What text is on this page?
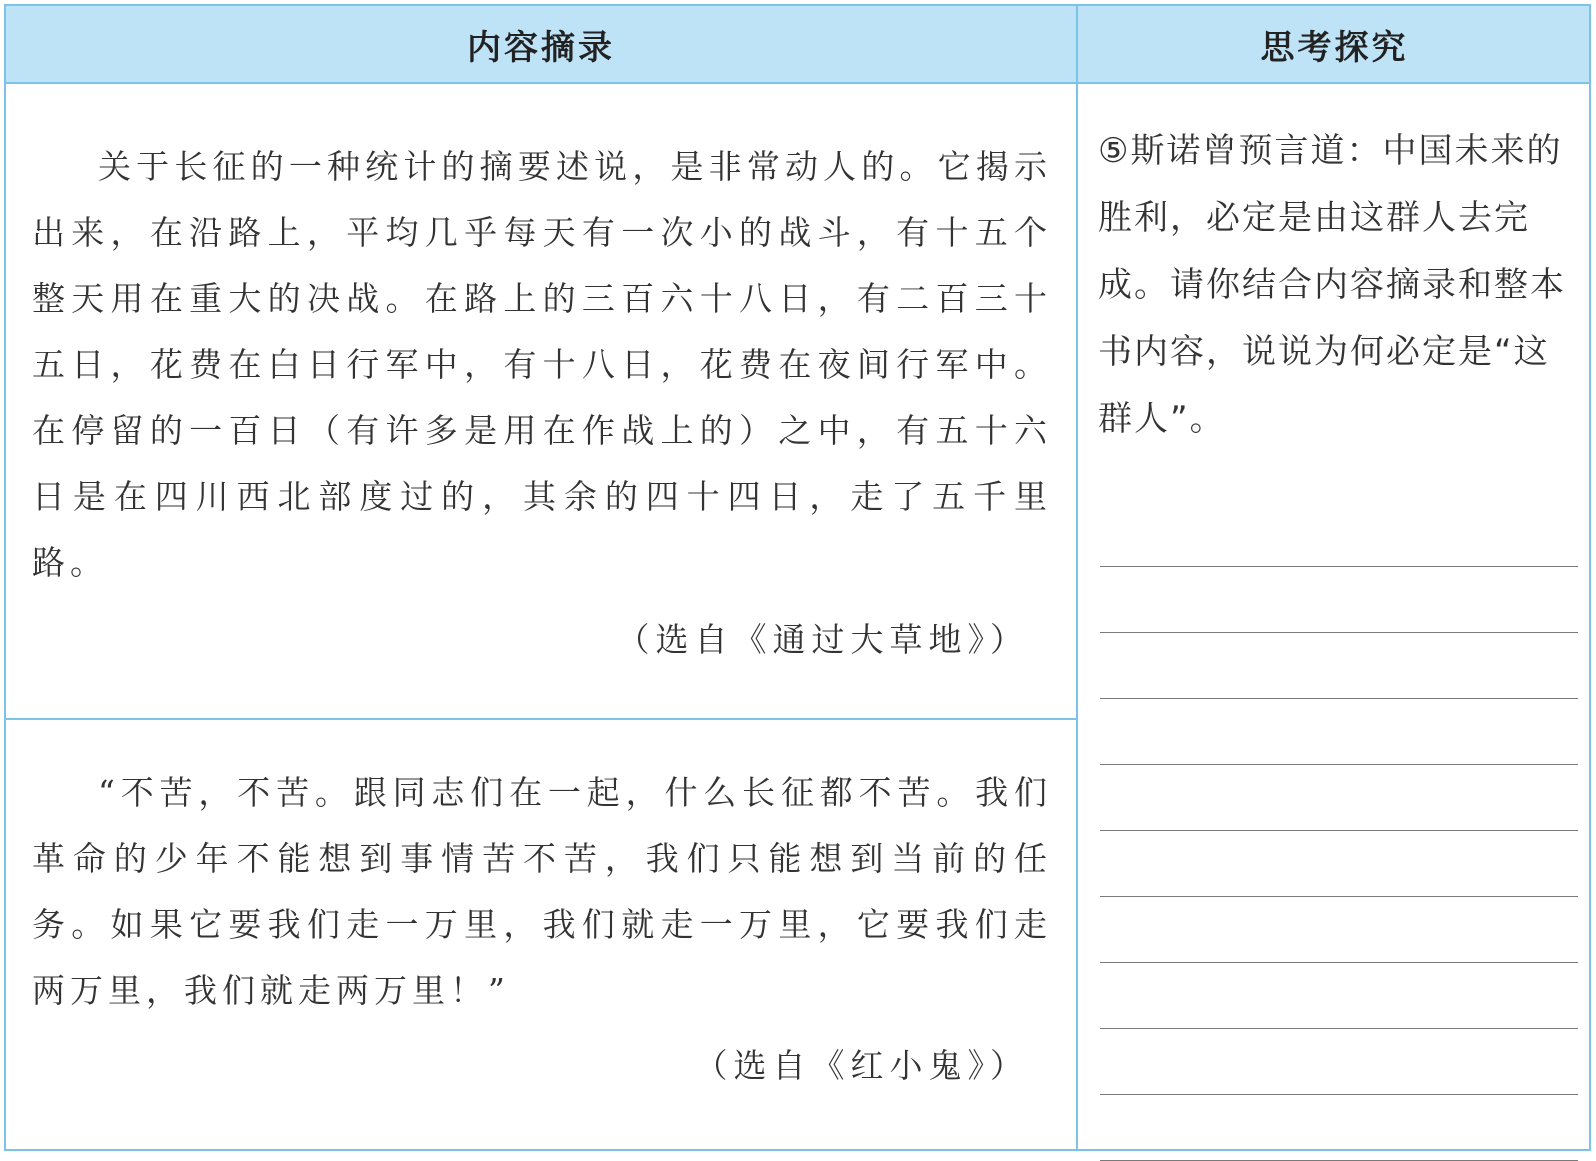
内容摘录	思考探究

关于长征的一种统计的摘要述说，是非常动人的。它揭示出来，在沿路上，平均几乎每天有一次小的战斗，有十五个整天用在重大的决战。在路上的三百六十八日，有二百三十五日，花费在白日行军中，有十八日，花费在夜间行军中。在停留的一百日（有许多是用在作战上的）之中，有五十六日是在四川西北部度过的，其余的四十四日，走了五千里路。

（选自《通过大草地》）

“不苦，不苦。跟同志们在一起，什么长征都不苦。我们革命的少年不能想到事情苦不苦，我们只能想到当前的任务。如果它要我们走一万里，我们就走一万里，它要我们走两万里，我们就走两万里！”

（选自《红小鬼》）
⑤斯诺曾预言道：中国未来的胜利，必定是由这群人去完成。请你结合内容摘录和整本书内容，说说为何必定是“这群人”。
